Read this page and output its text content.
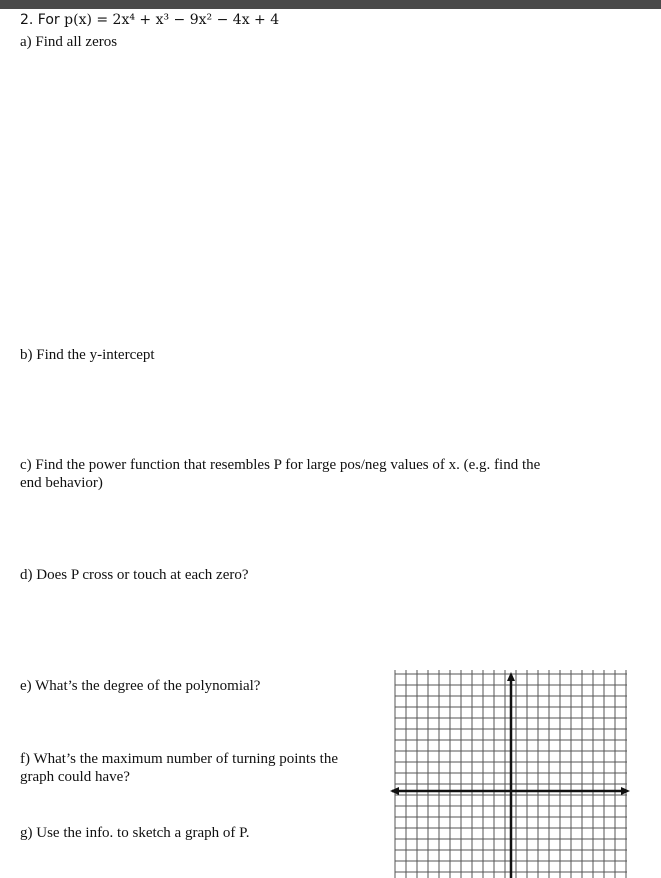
2. For p(x) = 2x⁴ + x³ − 9x² − 4x + 4
a) Find all zeros
b) Find the y-intercept
c) Find the power function that resembles P for large pos/neg values of x. (e.g. find the
end behavior)
d) Does P cross or touch at each zero?
e) What’s the degree of the polynomial?
f) What’s the maximum number of turning points the
graph could have?
g) Use the info. to sketch a graph of P.
